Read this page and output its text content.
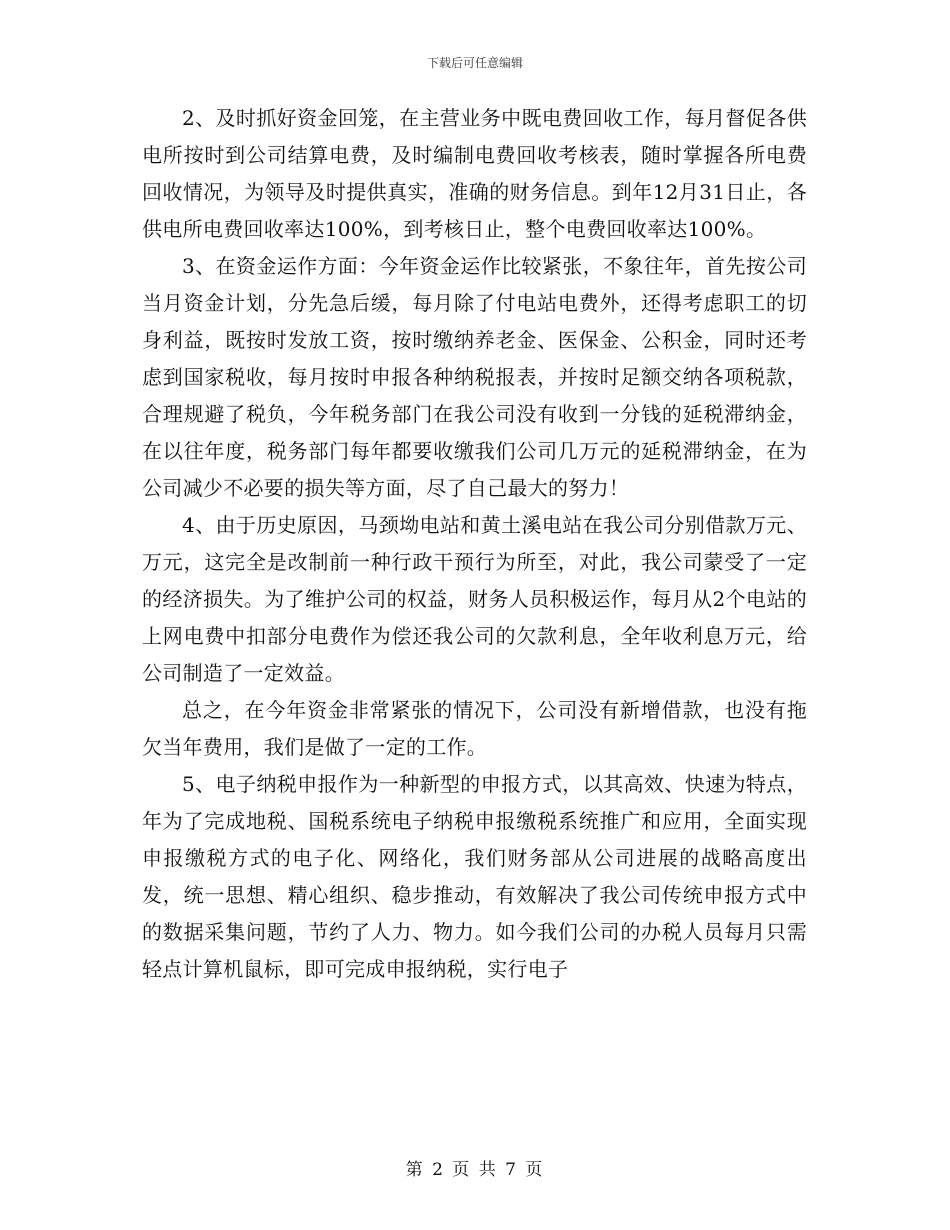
下载后可任意编辑

2、及时抓好资金回笼，在主营业务中既电费回收工作，每月督促各供电所按时到公司结算电费，及时编制电费回收考核表，随时掌握各所电费回收情况，为领导及时提供真实，准确的财务信息。到年12月31日止，各供电所电费回收率达100%，到考核日止，整个电费回收率达100%。

3、在资金运作方面：今年资金运作比较紧张，不象往年，首先按公司当月资金计划，分先急后缓，每月除了付电站电费外，还得考虑职工的切身利益，既按时发放工资，按时缴纳养老金、医保金、公积金，同时还考虑到国家税收，每月按时申报各种纳税报表，并按时足额交纳各项税款，合理规避了税负，今年税务部门在我公司没有收到一分钱的延税滞纳金，在以往年度，税务部门每年都要收缴我们公司几万元的延税滞纳金，在为公司减少不必要的损失等方面，尽了自己最大的努力！

4、由于历史原因，马颈坳电站和黄土溪电站在我公司分别借款万元、万元，这完全是改制前一种行政干预行为所至，对此，我公司蒙受了一定的经济损失。为了维护公司的权益，财务人员积极运作，每月从2个电站的上网电费中扣部分电费作为偿还我公司的欠款利息，全年收利息万元，给公司制造了一定效益。

总之，在今年资金非常紧张的情况下，公司没有新增借款，也没有拖欠当年费用，我们是做了一定的工作。

5、电子纳税申报作为一种新型的申报方式，以其高效、快速为特点，年为了完成地税、国税系统电子纳税申报缴税系统推广和应用，全面实现申报缴税方式的电子化、网络化，我们财务部从公司进展的战略高度出发，统一思想、精心组织、稳步推动，有效解决了我公司传统申报方式中的数据采集问题，节约了人力、物力。如今我们公司的办税人员每月只需轻点计算机鼠标，即可完成申报纳税，实行电子

第 2 页 共 7 页
